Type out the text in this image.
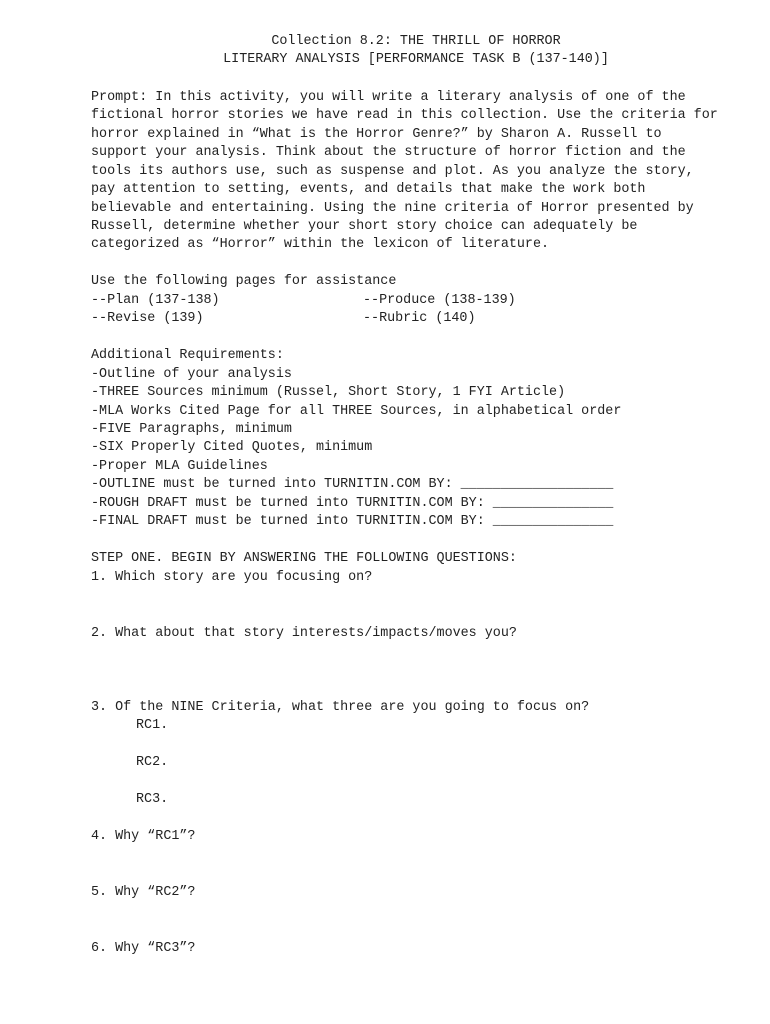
Collection 8.2: THE THRILL OF HORROR
LITERARY ANALYSIS [PERFORMANCE TASK B (137-140)]
Prompt: In this activity, you will write a literary analysis of one of the
fictional horror stories we have read in this collection. Use the criteria for
horror explained in “What is the Horror Genre?” by Sharon A. Russell to
support your analysis. Think about the structure of horror fiction and the
tools its authors use, such as suspense and plot. As you analyze the story,
pay attention to setting, events, and details that make the work both
believable and entertaining. Using the nine criteria of Horror presented by
Russell, determine whether your short story choice can adequately be
categorized as “Horror” within the lexicon of literature.
Use the following pages for assistance
--Plan (137-138)	--Produce (138-139)
--Revise (139)	--Rubric (140)
Additional Requirements:
-Outline of your analysis
-THREE Sources minimum (Russel, Short Story, 1 FYI Article)
-MLA Works Cited Page for all THREE Sources, in alphabetical order
-FIVE Paragraphs, minimum
-SIX Properly Cited Quotes, minimum
-Proper MLA Guidelines
-OUTLINE must be turned into TURNITIN.COM BY: ___________________
-ROUGH DRAFT must be turned into TURNITIN.COM BY: _______________
-FINAL DRAFT must be turned into TURNITIN.COM BY: _______________
STEP ONE. BEGIN BY ANSWERING THE FOLLOWING QUESTIONS:
1. Which story are you focusing on?
2. What about that story interests/impacts/moves you?
3. Of the NINE Criteria, what three are you going to focus on?
RC1.
RC2.
RC3.
4. Why “RC1”?
5. Why “RC2”?
6. Why “RC3”?
